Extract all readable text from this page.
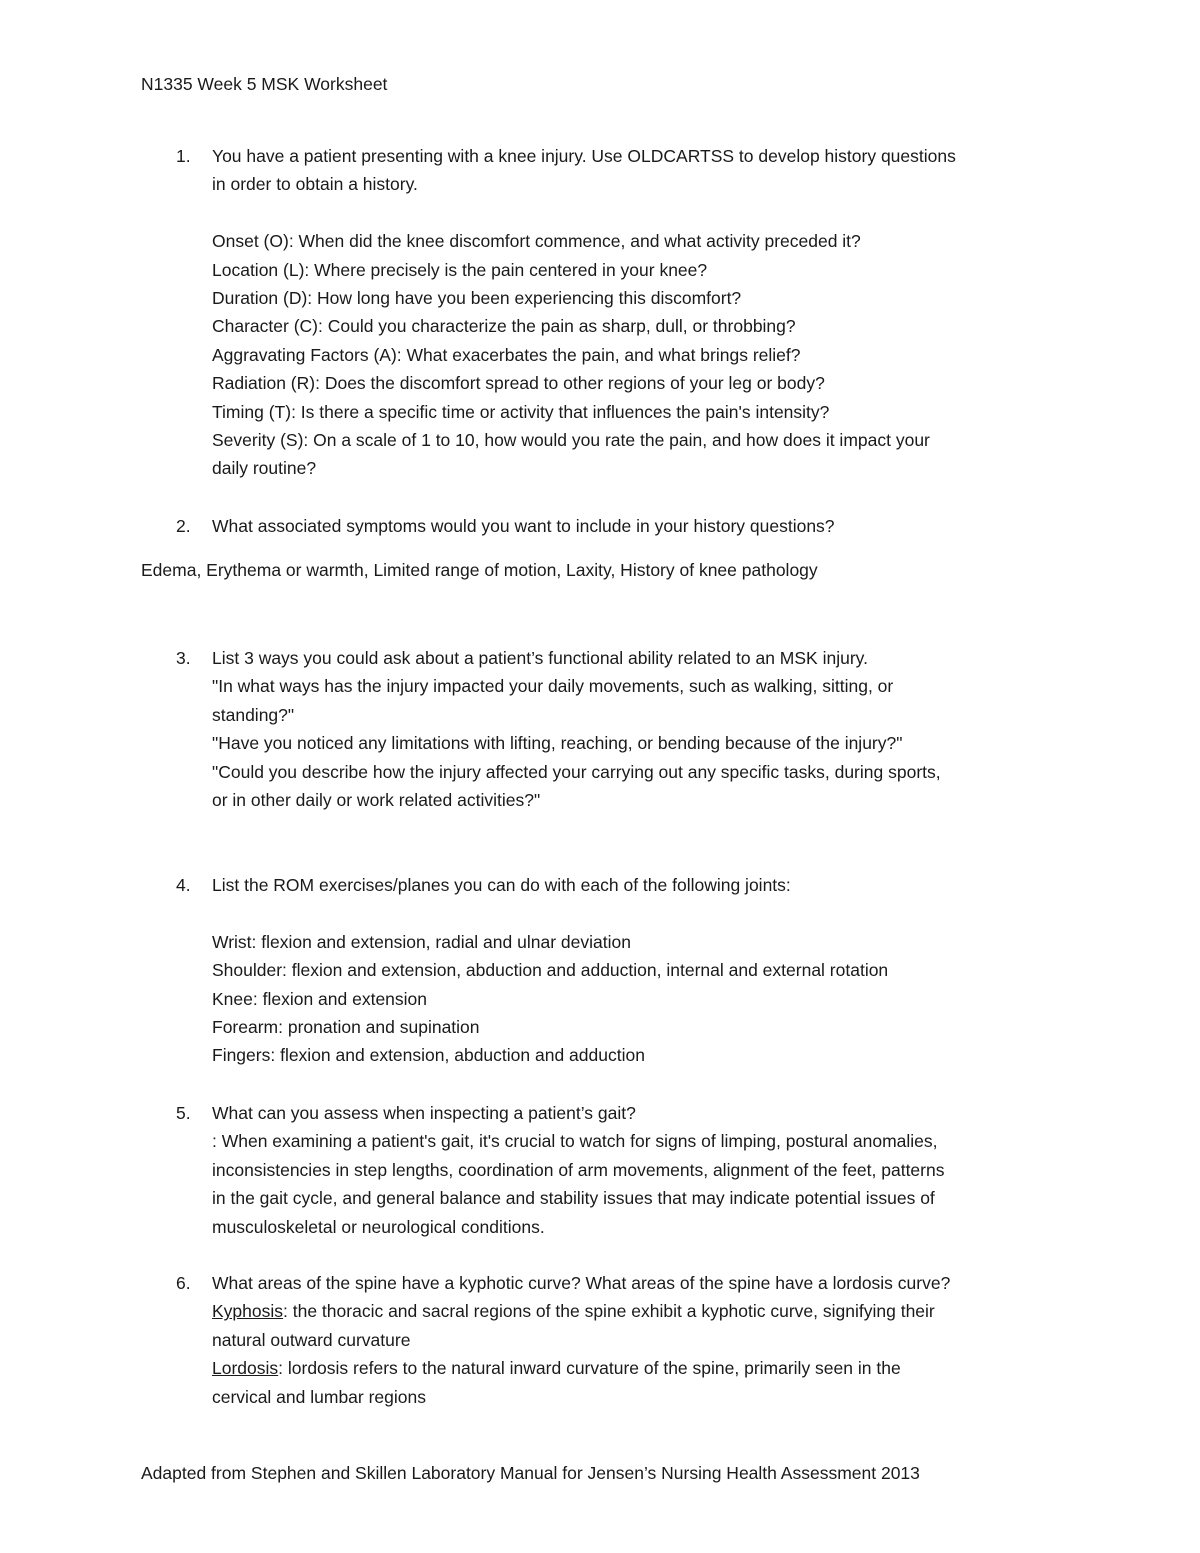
N1335 Week 5 MSK Worksheet

1. You have a patient presenting with a knee injury. Use OLDCARTSS to develop history questions
in order to obtain a history.

Onset (O): When did the knee discomfort commence, and what activity preceded it?
Location (L): Where precisely is the pain centered in your knee?
Duration (D): How long have you been experiencing this discomfort?
Character (C): Could you characterize the pain as sharp, dull, or throbbing?
Aggravating Factors (A): What exacerbates the pain, and what brings relief?
Radiation (R): Does the discomfort spread to other regions of your leg or body?
Timing (T): Is there a specific time or activity that influences the pain's intensity?
Severity (S): On a scale of 1 to 10, how would you rate the pain, and how does it impact your
daily routine?

2. What associated symptoms would you want to include in your history questions?

Edema, Erythema or warmth, Limited range of motion, Laxity, History of knee pathology

3. List 3 ways you could ask about a patient’s functional ability related to an MSK injury.
"In what ways has the injury impacted your daily movements, such as walking, sitting, or
standing?"
"Have you noticed any limitations with lifting, reaching, or bending because of the injury?"
"Could you describe how the injury affected your carrying out any specific tasks, during sports,
or in other daily or work related activities?"

4. List the ROM exercises/planes you can do with each of the following joints:

Wrist: flexion and extension, radial and ulnar deviation
Shoulder: flexion and extension, abduction and adduction, internal and external rotation
Knee: flexion and extension
Forearm: pronation and supination
Fingers: flexion and extension, abduction and adduction

5. What can you assess when inspecting a patient’s gait?
: When examining a patient's gait, it's crucial to watch for signs of limping, postural anomalies,
inconsistencies in step lengths, coordination of arm movements, alignment of the feet, patterns
in the gait cycle, and general balance and stability issues that may indicate potential issues of
musculoskeletal or neurological conditions.

6. What areas of the spine have a kyphotic curve? What areas of the spine have a lordosis curve?
Kyphosis: the thoracic and sacral regions of the spine exhibit a kyphotic curve, signifying their
natural outward curvature
Lordosis: lordosis refers to the natural inward curvature of the spine, primarily seen in the
cervical and lumbar regions

Adapted from Stephen and Skillen Laboratory Manual for Jensen’s Nursing Health Assessment 2013
